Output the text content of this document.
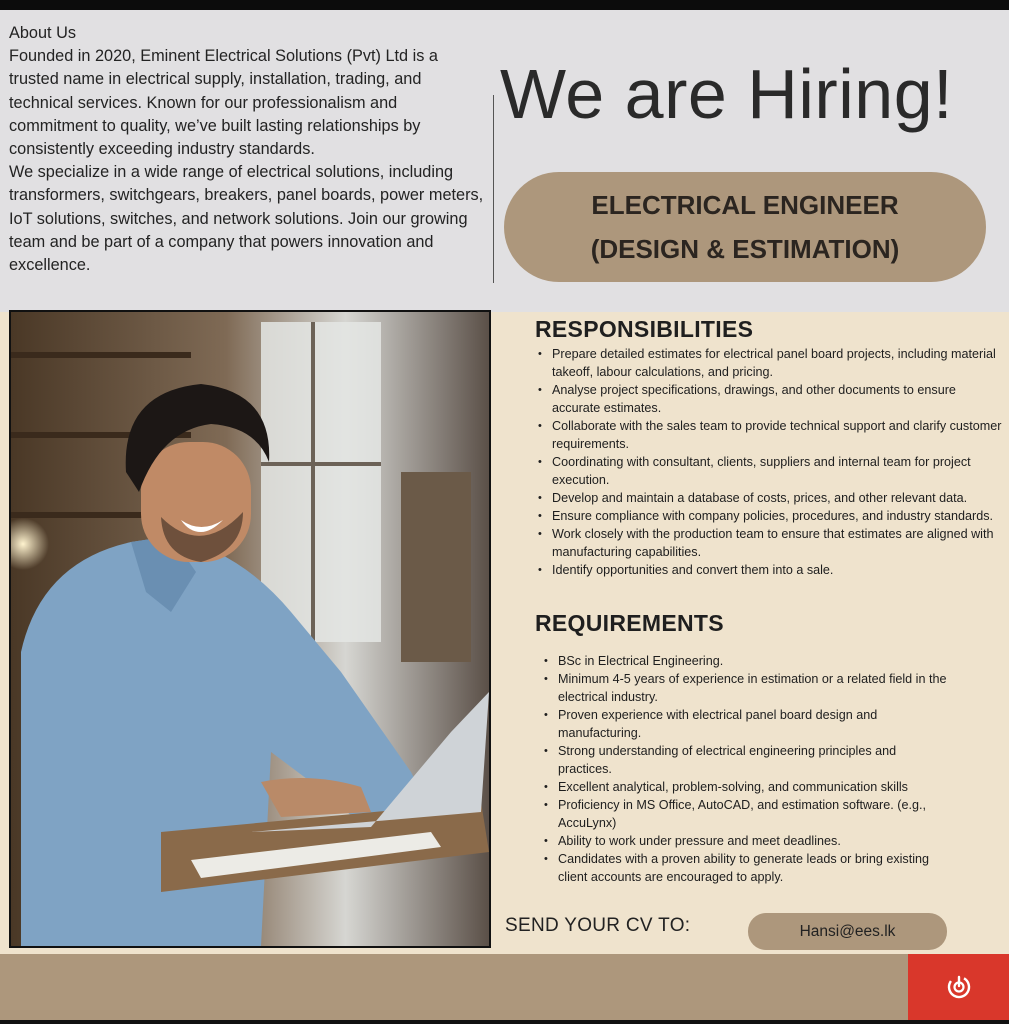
About Us

Founded in 2020, Eminent Electrical Solutions (Pvt) Ltd is a trusted name in electrical supply, installation, trading, and technical services. Known for our professionalism and commitment to quality, we’ve built lasting relationships by consistently exceeding industry standards.

We specialize in a wide range of electrical solutions, including transformers, switchgears, breakers, panel boards, power meters, IoT solutions, switches, and network solutions. Join our growing team and be part of a company that powers innovation and excellence.

We are Hiring!
ELECTRICAL ENGINEER
(DESIGN & ESTIMATION)
RESPONSIBILITIES
• Prepare detailed estimates for electrical panel board projects, including material takeoff, labour calculations, and pricing.
• Analyse project specifications, drawings, and other documents to ensure accurate estimates.
• Collaborate with the sales team to provide technical support and clarify customer requirements.
• Coordinating with consultant, clients, suppliers and internal team for project execution.
• Develop and maintain a database of costs, prices, and other relevant data.
• Ensure compliance with company policies, procedures, and industry standards.
• Work closely with the production team to ensure that estimates are aligned with manufacturing capabilities.
• Identify opportunities and convert them into a sale.
REQUIREMENTS
• BSc in Electrical Engineering.
• Minimum 4-5 years of experience in estimation or a related field in the electrical industry.
• Proven experience with electrical panel board design and manufacturing.
• Strong understanding of electrical engineering principles and practices.
• Excellent analytical, problem-solving, and communication skills
• Proficiency in MS Office, AutoCAD, and estimation software. (e.g., AccuLynx)
• Ability to work under pressure and meet deadlines.
• Candidates with a proven ability to generate leads or bring existing client accounts are encouraged to apply.
SEND YOUR CV TO:	Hansi@ees.lk
